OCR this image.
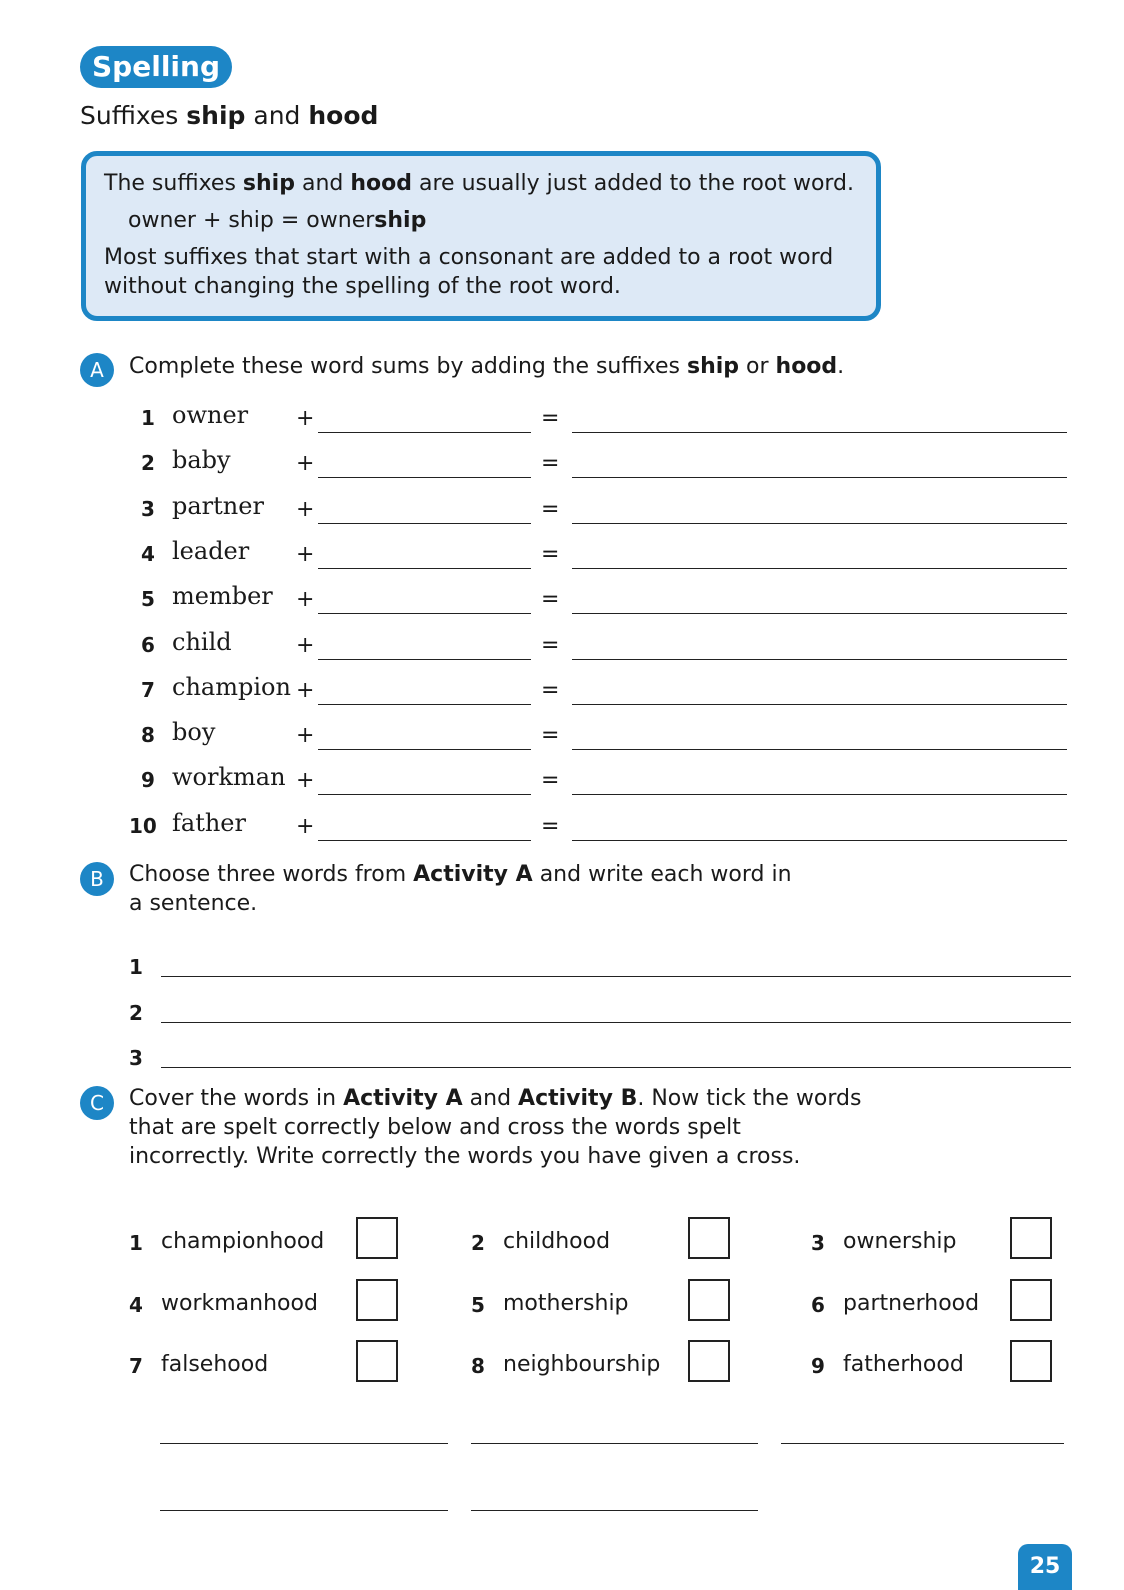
Spelling
Suffixes ship and hood

The suffixes ship and hood are usually just added to the root word.

owner + ship = ownership

Most suffixes that start with a consonant are added to a root word without changing the spelling of the root word.

A	Complete these word sums by adding the suffixes ship or hood.
1 owner +	=
2 baby	+	=
3 partner +	=
4 leader +	=
5 member +	=
6 child	+	=
7 champion +	=
8 boy	+	=
9 workman +	=
10 father +	=
B	Choose three words from Activity A and write each word in a sentence.
1
2
3
C	Cover the words in Activity A and Activity B. Now tick the words that are spelt correctly below and cross the words spelt incorrectly. Write correctly the words you have given a cross.
1 championhood	2 childhood	3 ownership
4 workmanhood	5 mothership	6 partnerhood
7 falsehood	8 neighbourship	9 fatherhood
25
